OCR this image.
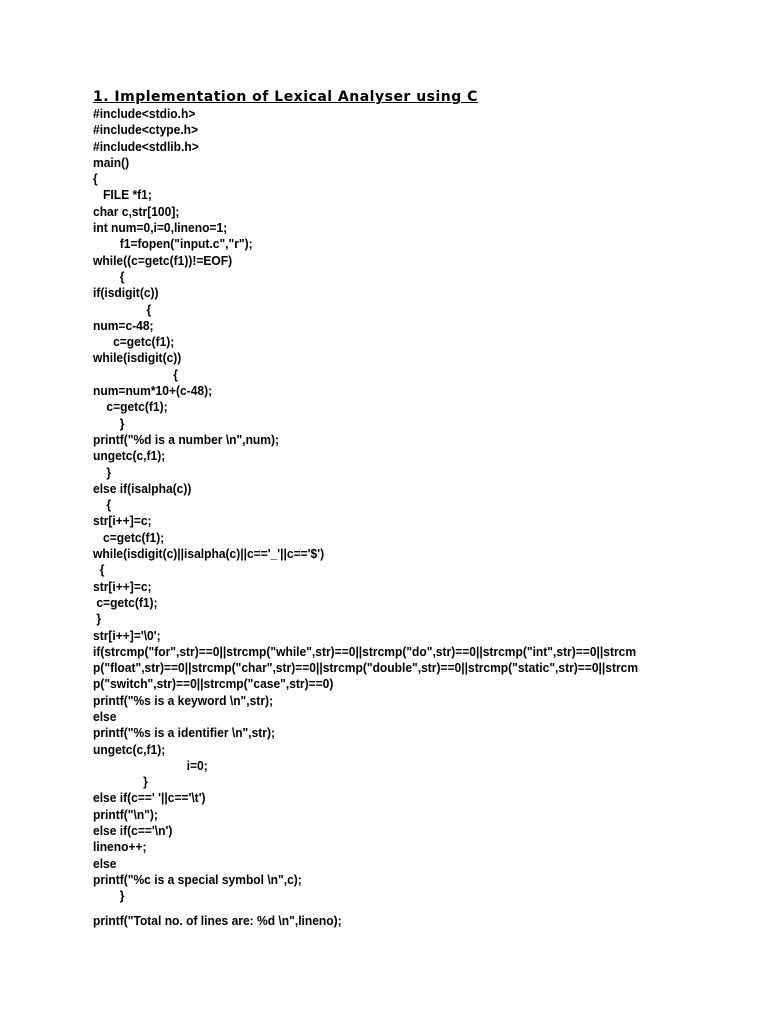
1. Implementation of Lexical Analyser using C
#include<stdio.h>
#include<ctype.h>
#include<stdlib.h>
main()
{
FILE *f1;
char c,str[100];
int num=0,i=0,lineno=1;
f1=fopen("input.c","r");
while((c=getc(f1))!=EOF)
{
if(isdigit(c))
{
num=c-48;
c=getc(f1);
while(isdigit(c))
{
num=num*10+(c-48);
c=getc(f1);
}
printf("%d is a number \n",num);
ungetc(c,f1);
}
else if(isalpha(c))
{
str[i++]=c;
c=getc(f1);
while(isdigit(c)||isalpha(c)||c=='_'||c=='$')
{
str[i++]=c;
c=getc(f1);
}
str[i++]='\0';
if(strcmp("for",str)==0||strcmp("while",str)==0||strcmp("do",str)==0||strcmp("int",str)==0||strcm
p("float",str)==0||strcmp("char",str)==0||strcmp("double",str)==0||strcmp("static",str)==0||strcm
p("switch",str)==0||strcmp("case",str)==0)
printf("%s is a keyword \n",str);
else
printf("%s is a identifier \n",str);
ungetc(c,f1);
i=0;
}
else if(c==' '||c=='\t')
printf("\n");
else if(c=='\n')
lineno++;
else
printf("%c is a special symbol \n",c);
}
printf("Total no. of lines are: %d \n",lineno);
